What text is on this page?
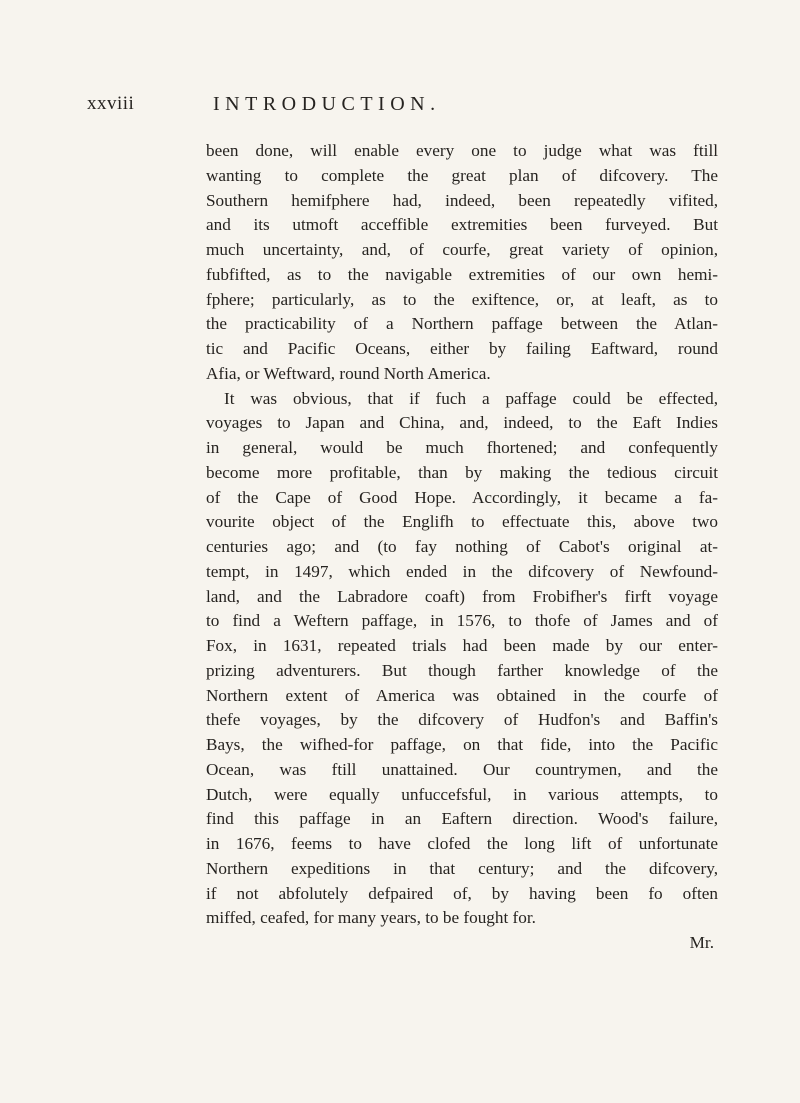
xxviii	INTRODUCTION.
been done, will enable every one to judge what was ftill
wanting to complete the great plan of difcovery. The
Southern hemifphere had, indeed, been repeatedly vifited,
and its utmoft acceffible extremities been furveyed. But
much uncertainty, and, of courfe, great variety of opinion,
fubfifted, as to the navigable extremities of our own hemi-
fphere; particularly, as to the exiftence, or, at leaft, as to
the practicability of a Northern paffage between the Atlan-
tic and Pacific Oceans, either by failing Eaftward, round
Afia, or Weftward, round North America.
It was obvious, that if fuch a paffage could be effected,
voyages to Japan and China, and, indeed, to the Eaft Indies
in general, would be much fhortened; and confequently
become more profitable, than by making the tedious circuit
of the Cape of Good Hope. Accordingly, it became a fa-
vourite object of the Englifh to effectuate this, above two
centuries ago; and (to fay nothing of Cabot's original at-
tempt, in 1497, which ended in the difcovery of Newfound-
land, and the Labradore coaft) from Frobifher's firft voyage
to find a Weftern paffage, in 1576, to thofe of James and of
Fox, in 1631, repeated trials had been made by our enter-
prizing adventurers. But though farther knowledge of the
Northern extent of America was obtained in the courfe of
thefe voyages, by the difcovery of Hudfon's and Baffin's
Bays, the wifhed-for paffage, on that fide, into the Pacific
Ocean, was ftill unattained. Our countrymen, and the
Dutch, were equally unfuccefsful, in various attempts, to
find this paffage in an Eaftern direction. Wood's failure,
in 1676, feems to have clofed the long lift of unfortunate
Northern expeditions in that century; and the difcovery,
if not abfolutely defpaired of, by having been fo often
miffed, ceafed, for many years, to be fought for.
Mr.
